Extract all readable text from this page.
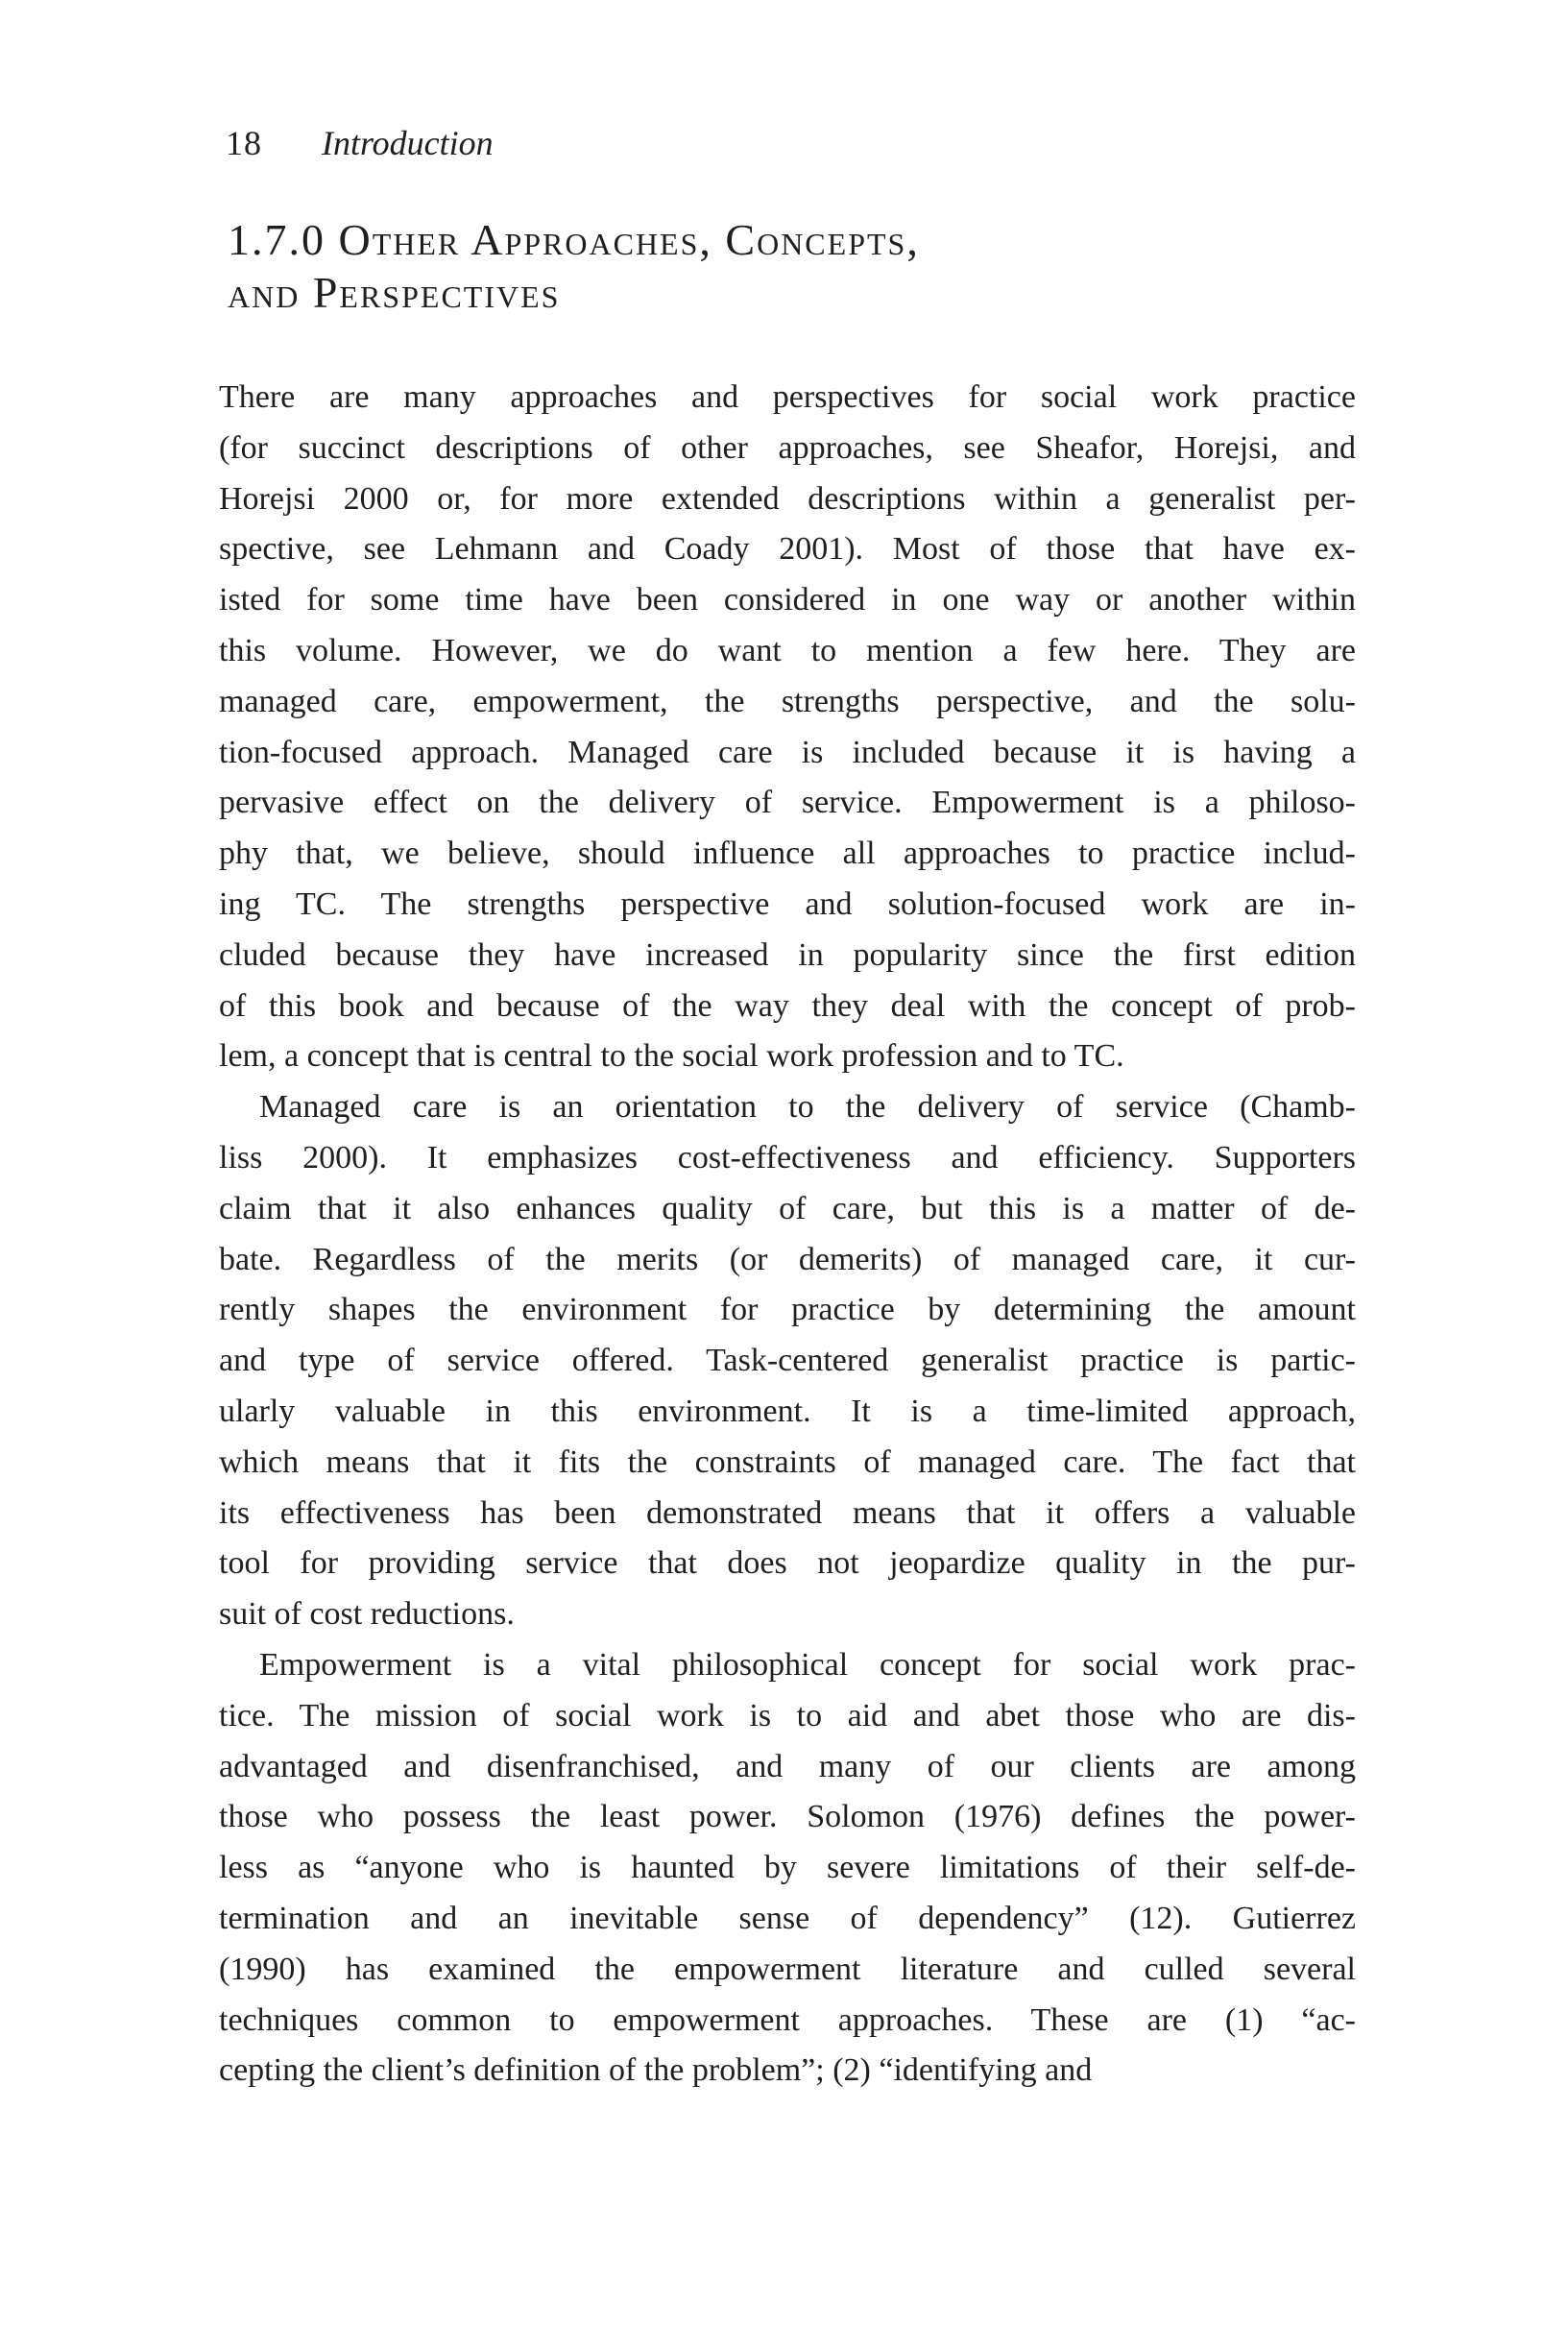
18 Introduction
1.7.0 Other Approaches, Concepts,
and Perspectives
There are many approaches and perspectives for social work practice
(for succinct descriptions of other approaches, see Sheafor, Horejsi, and
Horejsi 2000 or, for more extended descriptions within a generalist per-
spective, see Lehmann and Coady 2001). Most of those that have ex-
isted for some time have been considered in one way or another within
this volume. However, we do want to mention a few here. They are
managed care, empowerment, the strengths perspective, and the solu-
tion-focused approach. Managed care is included because it is having a
pervasive effect on the delivery of service. Empowerment is a philoso-
phy that, we believe, should influence all approaches to practice includ-
ing TC. The strengths perspective and solution-focused work are in-
cluded because they have increased in popularity since the first edition
of this book and because of the way they deal with the concept of prob-
lem, a concept that is central to the social work profession and to TC.
Managed care is an orientation to the delivery of service (Chamb-
liss 2000). It emphasizes cost-effectiveness and efficiency. Supporters
claim that it also enhances quality of care, but this is a matter of de-
bate. Regardless of the merits (or demerits) of managed care, it cur-
rently shapes the environment for practice by determining the amount
and type of service offered. Task-centered generalist practice is partic-
ularly valuable in this environment. It is a time-limited approach,
which means that it fits the constraints of managed care. The fact that
its effectiveness has been demonstrated means that it offers a valuable
tool for providing service that does not jeopardize quality in the pur-
suit of cost reductions.
Empowerment is a vital philosophical concept for social work prac-
tice. The mission of social work is to aid and abet those who are dis-
advantaged and disenfranchised, and many of our clients are among
those who possess the least power. Solomon (1976) defines the power-
less as “anyone who is haunted by severe limitations of their self-de-
termination and an inevitable sense of dependency” (12). Gutierrez
(1990) has examined the empowerment literature and culled several
techniques common to empowerment approaches. These are (1) “ac-
cepting the client’s definition of the problem”; (2) “identifying and
